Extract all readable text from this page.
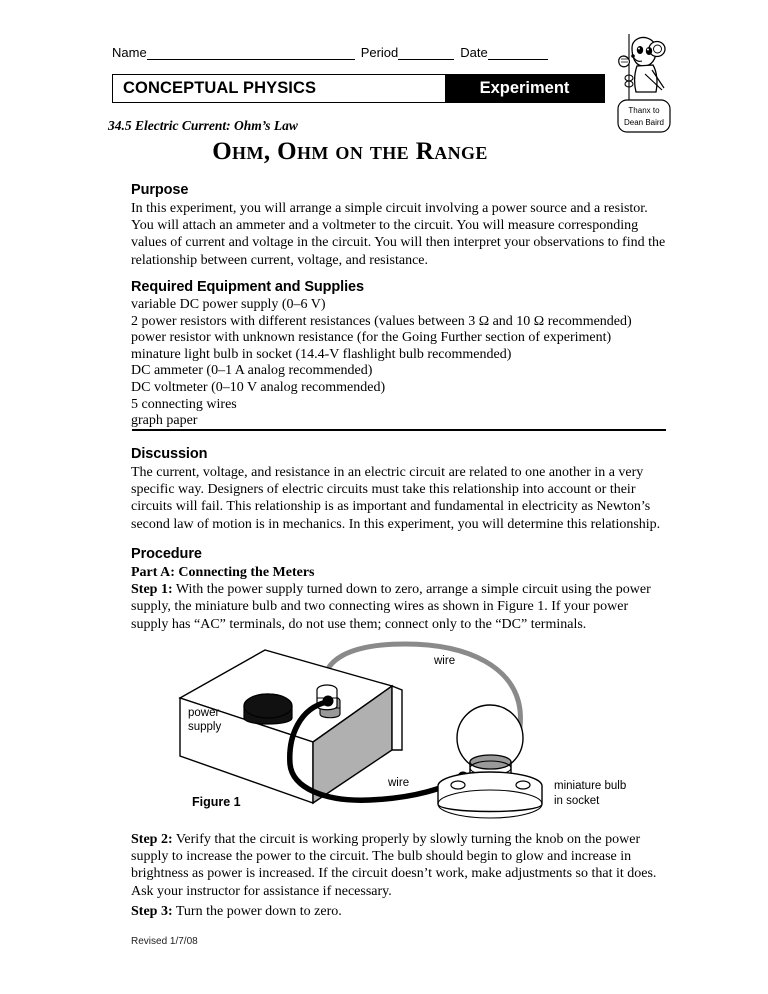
Name	Period	Date
CONCEPTUAL PHYSICS	Experiment
Thanx to
Dean Baird
34.5 Electric Current: Ohm’s Law
Ohm, Ohm on the Range
Purpose

In this experiment, you will arrange a simple circuit involving a power source and a resistor. You will attach an ammeter and a voltmeter to the circuit. You will measure corresponding values of current and voltage in the circuit. You will then interpret your observations to find the relationship between current, voltage, and resistance.

Required Equipment and Supplies
variable DC power supply (0–6 V)
2 power resistors with different resistances (values between 3 Ω and 10 Ω recommended)
power resistor with unknown resistance (for the Going Further section of experiment)
minature light bulb in socket (14.4-V flashlight bulb recommended)
DC ammeter (0–1 A analog recommended)
DC voltmeter (0–10 V analog recommended)
5 connecting wires
graph paper
Discussion

The current, voltage, and resistance in an electric circuit are related to one another in a very specific way. Designers of electric circuits must take this relationship into account or their circuits will fail. This relationship is as important and fundamental in electricity as Newton’s second law of motion is in mechanics. In this experiment, you will determine this relationship.

Procedure
Part A: Connecting the Meters

Step 1: With the power supply turned down to zero, arrange a simple circuit using the power supply, the miniature bulb and two connecting wires as shown in Figure 1. If your power supply has “AC” terminals, do not use them; connect only to the “DC” terminals.

power
supply
wire
wire	miniature bulb
in socket
Figure 1

Step 2: Verify that the circuit is working properly by slowly turning the knob on the power supply to increase the power to the circuit. The bulb should begin to glow and increase in brightness as power is increased. If the circuit doesn’t work, make adjustments so that it does. Ask your instructor for assistance if necessary.

Step 3: Turn the power down to zero.

Revised 1/7/08
